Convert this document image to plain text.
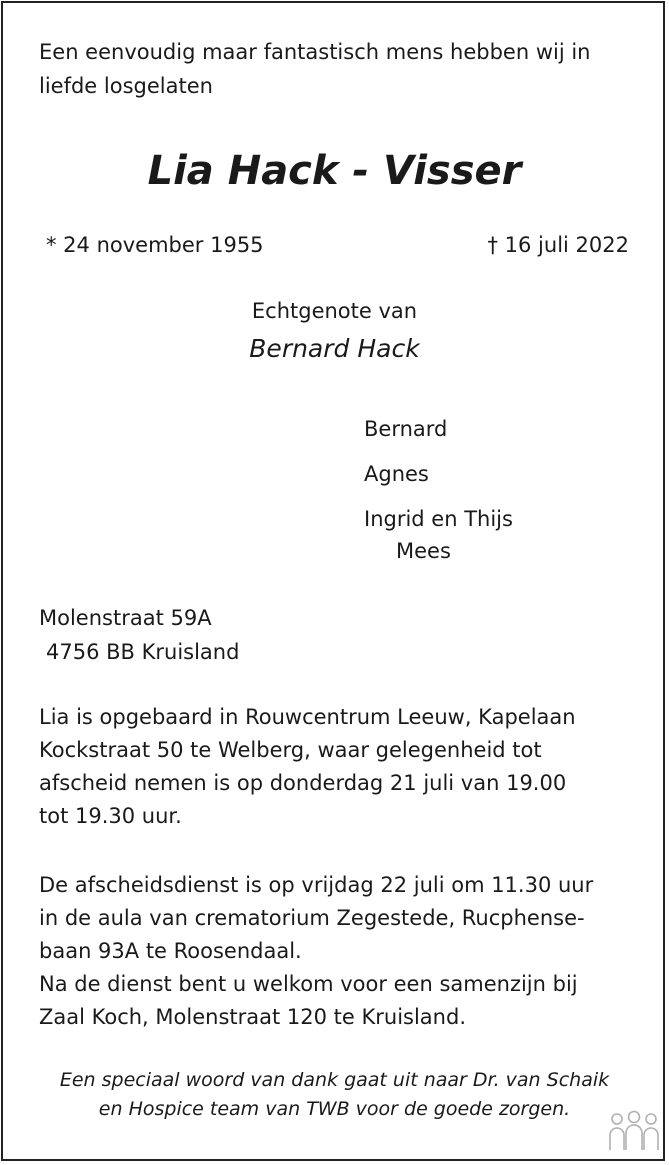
Een eenvoudig maar fantastisch mens hebben wij in
liefde losgelaten
Lia Hack - Visser
* 24 november 1955	† 16 juli 2022
Echtgenote van
Bernard Hack
Bernard
Agnes
Ingrid en Thijs
Mees
Molenstraat 59A
4756 BB Kruisland
Lia is opgebaard in Rouwcentrum Leeuw, Kapelaan
Kockstraat 50 te Welberg, waar gelegenheid tot
afscheid nemen is op donderdag 21 juli van 19.00
tot 19.30 uur.
De afscheidsdienst is op vrijdag 22 juli om 11.30 uur
in de aula van crematorium Zegestede, Rucphense-
baan 93A te Roosendaal.
Na de dienst bent u welkom voor een samenzijn bij
Zaal Koch, Molenstraat 120 te Kruisland.
Een speciaal woord van dank gaat uit naar Dr. van Schaik
en Hospice team van TWB voor de goede zorgen.
